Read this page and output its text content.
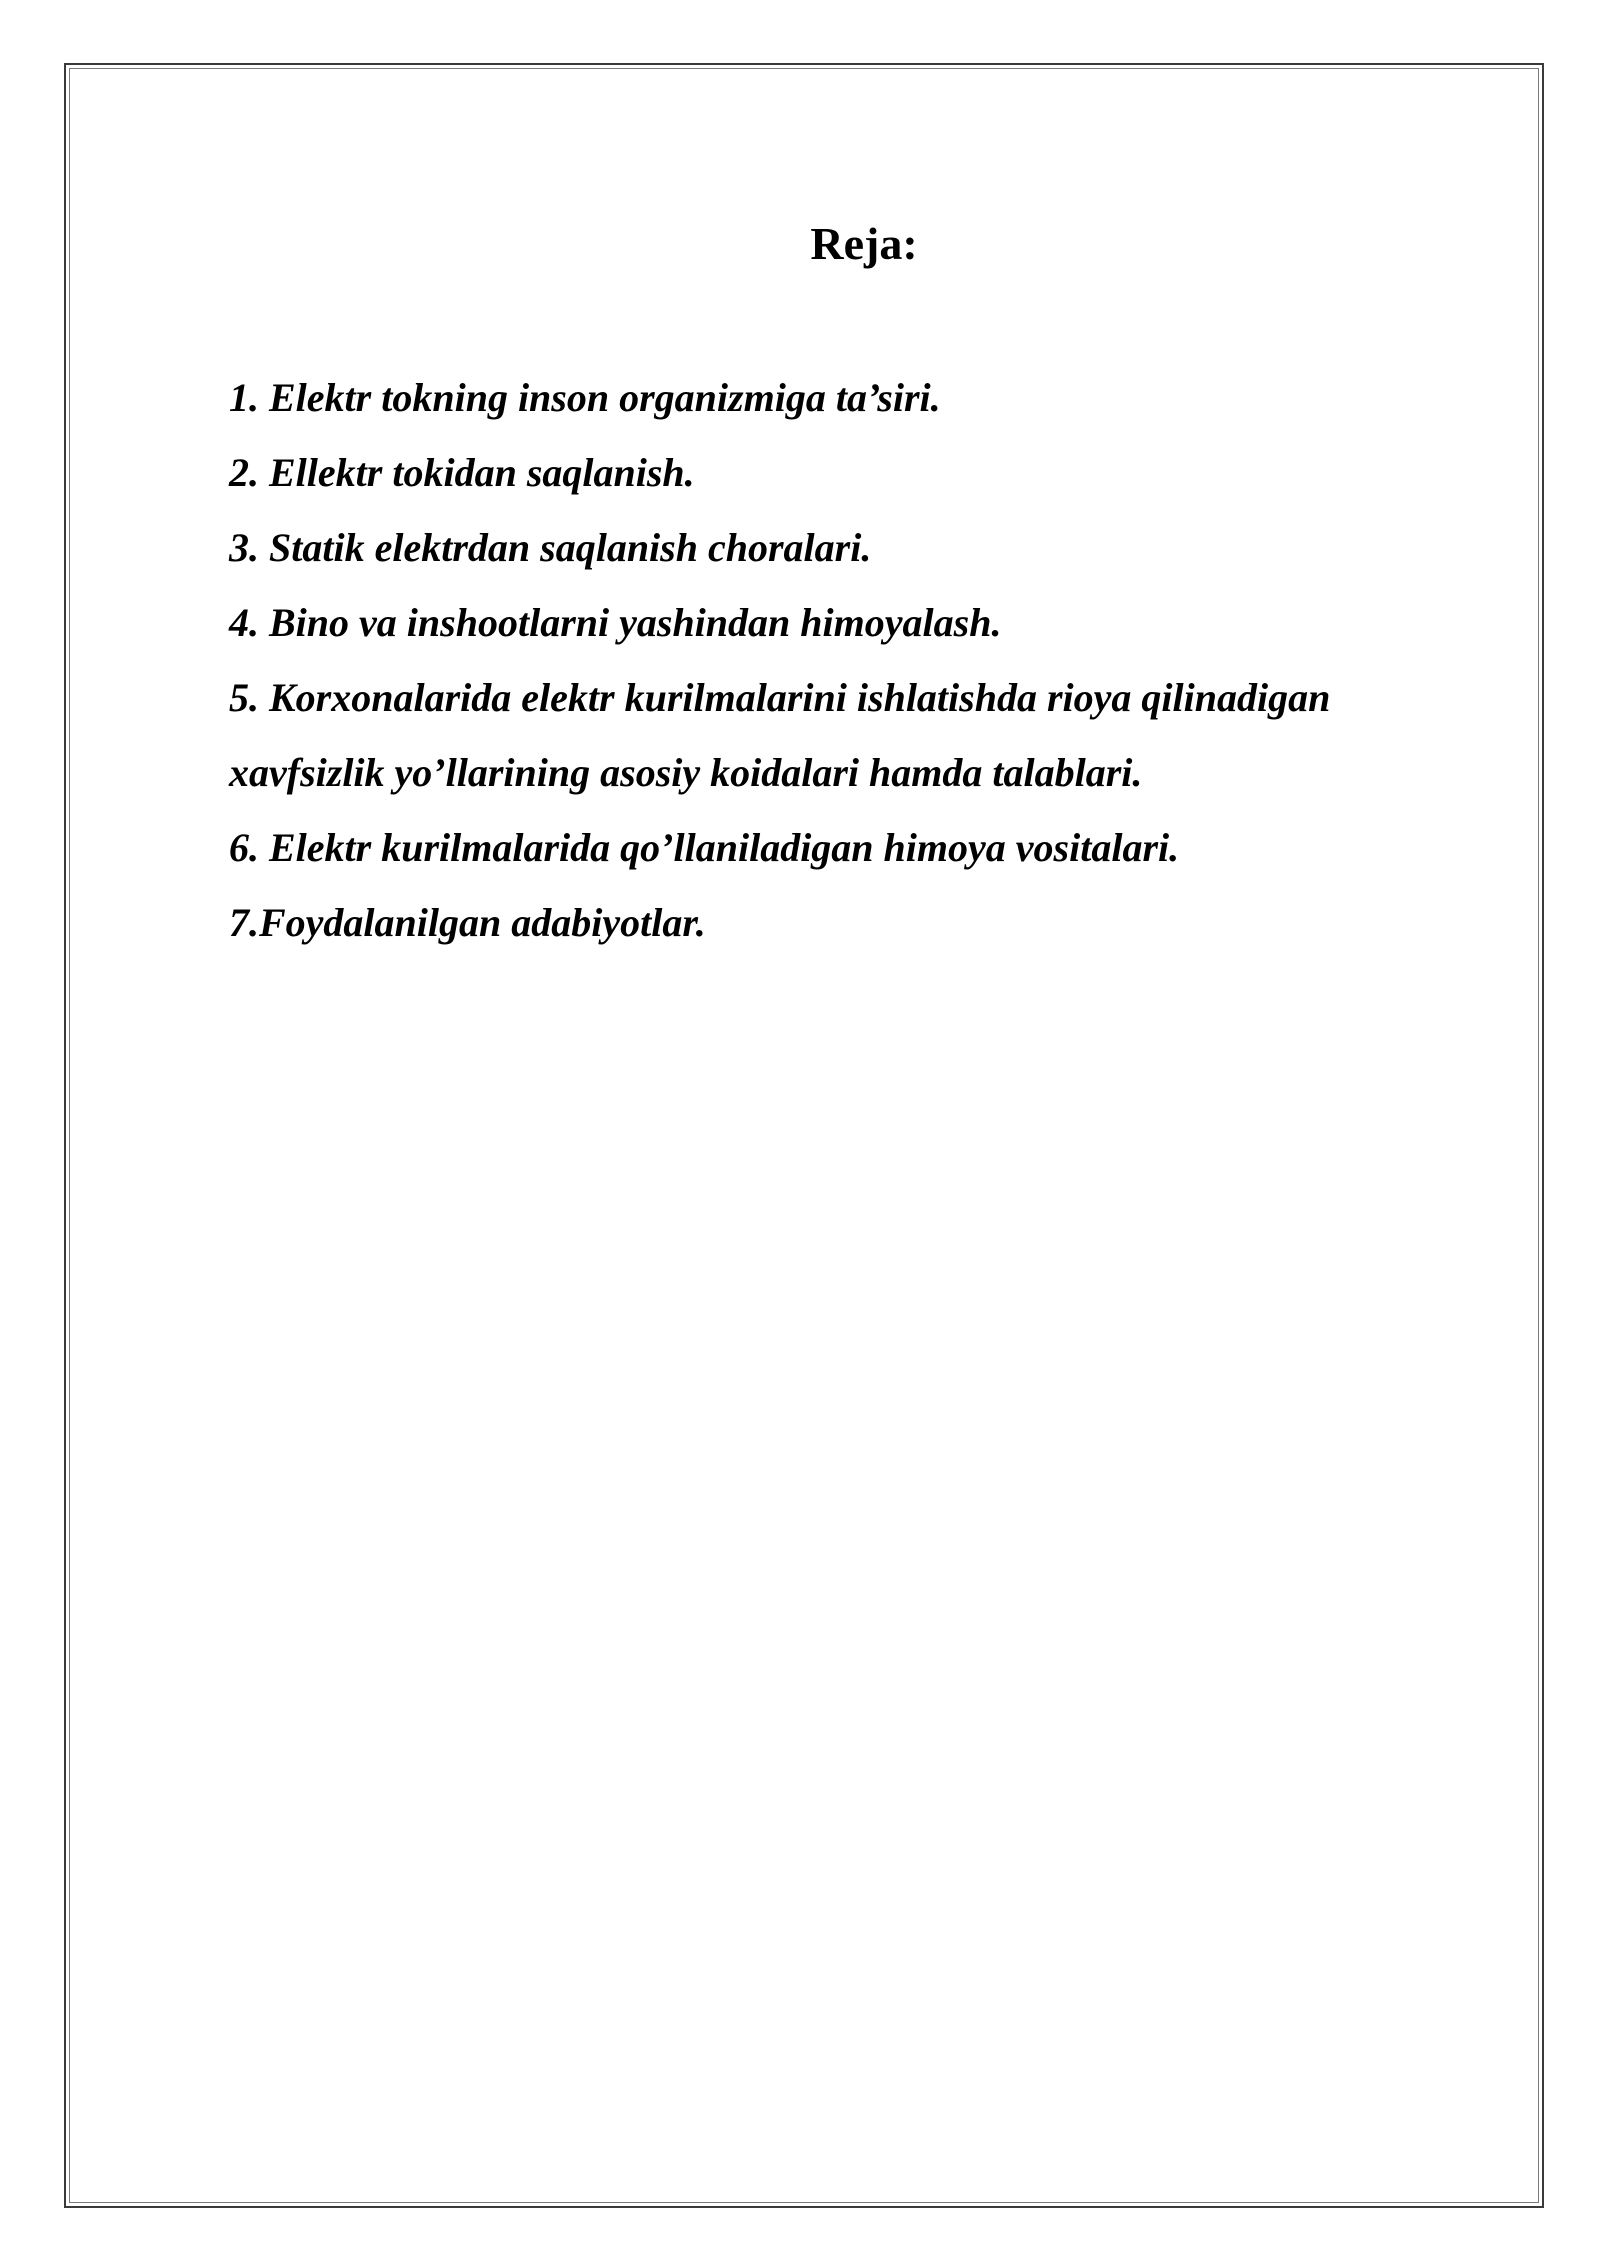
Reja:
1. Elektr tokning inson organizmiga ta’siri.
2. Ellektr tokidan saqlanish.
3. Statik elektrdan saqlanish choralari.
4. Bino va inshootlarni yashindan himoyalash.
5. Korxonalarida elektr kurilmalarini ishlatishda rioya qilinadigan
xavfsizlik yo’llarining asosiy koidalari hamda talablari.
6. Elektr kurilmalarida qo’llaniladigan himoya vositalari.
7.Foydalanilgan adabiyotlar.
